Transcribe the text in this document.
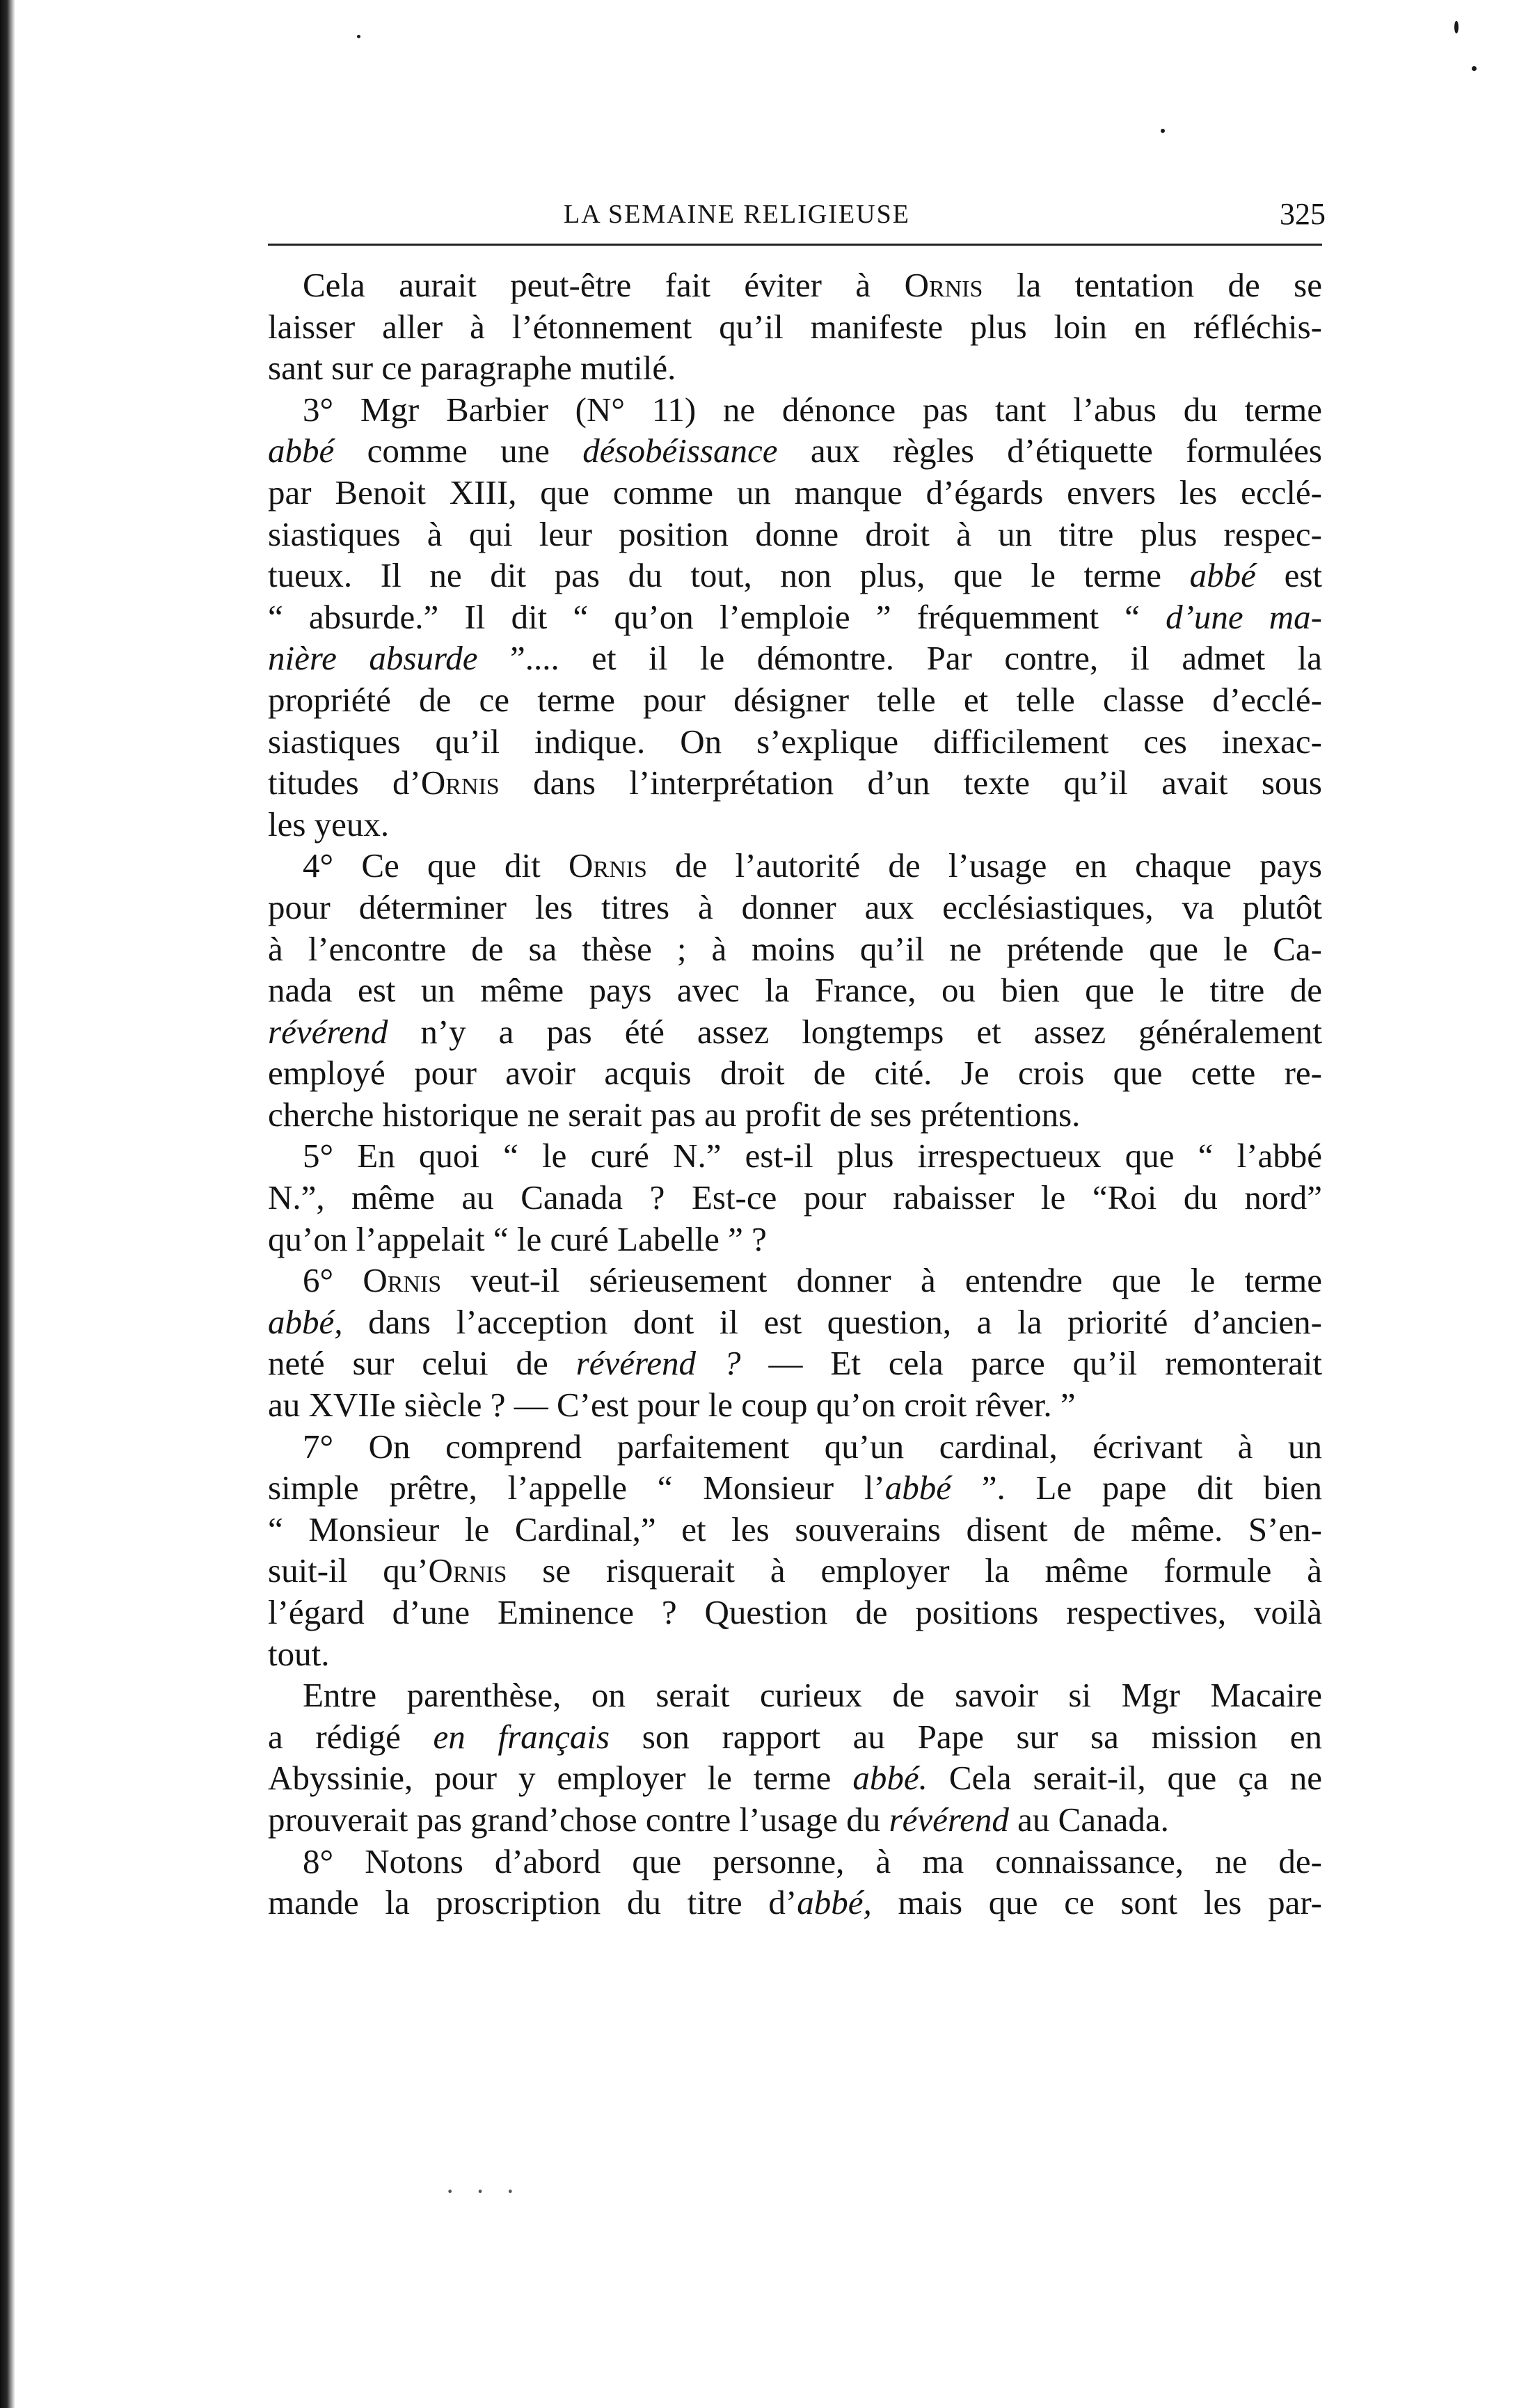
LA SEMAINE RELIGIEUSE	325

Cela aurait peut-être fait éviter à Ornis la tentation de se
laisser aller à l’étonnement qu’il manifeste plus loin en réfléchis-
sant sur ce paragraphe mutilé.

3° Mgr Barbier (N° 11) ne dénonce pas tant l’abus du terme
abbé comme une désobéissance aux règles d’étiquette formulées
par Benoit XIII, que comme un manque d’égards envers les ecclé-
siastiques à qui leur position donne droit à un titre plus respec-
tueux. Il ne dit pas du tout, non plus, que le terme abbé est
“ absurde.” Il dit “ qu’on l’emploie ” fréquemment “ d’une ma-
nière absurde ”.... et il le démontre. Par contre, il admet la
propriété de ce terme pour désigner telle et telle classe d’ecclé-
siastiques qu’il indique. On s’explique difficilement ces inexac-
titudes d’Ornis dans l’interprétation d’un texte qu’il avait sous
les yeux.

4° Ce que dit Ornis de l’autorité de l’usage en chaque pays
pour déterminer les titres à donner aux ecclésiastiques, va plutôt
à l’encontre de sa thèse ; à moins qu’il ne prétende que le Ca-
nada est un même pays avec la France, ou bien que le titre de
révérend n’y a pas été assez longtemps et assez généralement
employé pour avoir acquis droit de cité. Je crois que cette re-
cherche historique ne serait pas au profit de ses prétentions.

5° En quoi “ le curé N.” est-il plus irrespectueux que “ l’abbé
N.”, même au Canada ? Est-ce pour rabaisser le “Roi du nord”
qu’on l’appelait “ le curé Labelle ” ?

6° Ornis veut-il sérieusement donner à entendre que le terme
abbé, dans l’acception dont il est question, a la priorité d’ancien-
neté sur celui de révérend ? — Et cela parce qu’il remonterait
au XVIIe siècle ? — C’est pour le coup qu’on croit rêver. ”

7° On comprend parfaitement qu’un cardinal, écrivant à un
simple prêtre, l’appelle “ Monsieur l’abbé ”. Le pape dit bien
“ Monsieur le Cardinal,” et les souverains disent de même. S’en-
suit-il qu’Ornis se risquerait à employer la même formule à
l’égard d’une Eminence ? Question de positions respectives, voilà
tout.

Entre parenthèse, on serait curieux de savoir si Mgr Macaire
a rédigé en français son rapport au Pape sur sa mission en
Abyssinie, pour y employer le terme abbé. Cela serait-il, que ça ne
prouverait pas grand’chose contre l’usage du révérend au Canada.

8° Notons d’abord que personne, à ma connaissance, ne de-
mande la proscription du titre d’abbé, mais que ce sont les par-

· · ·
